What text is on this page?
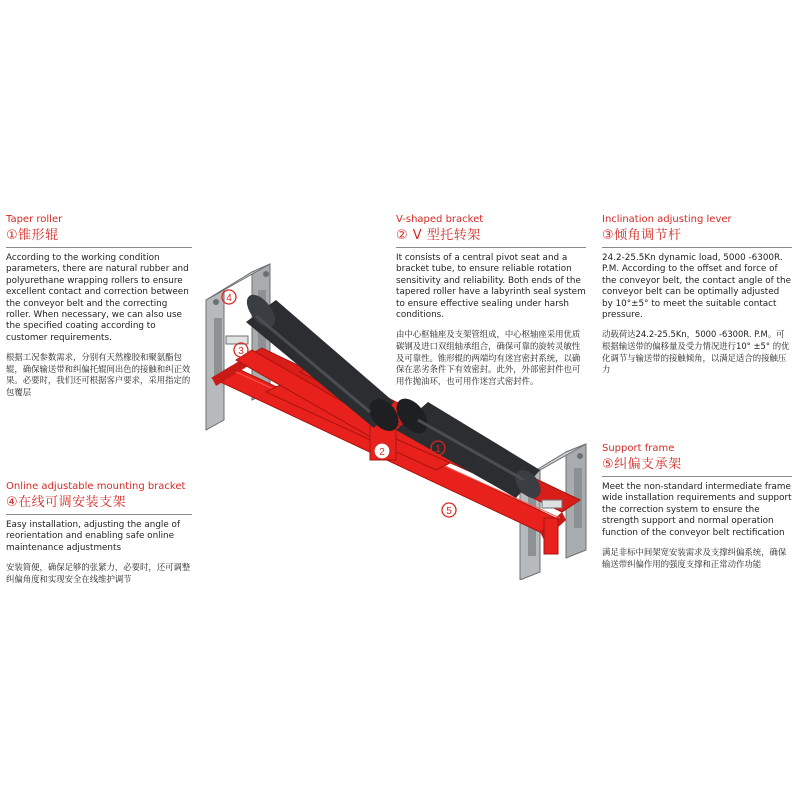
Taper roller

①锥形辊

According to the working condition parameters, there are natural rubber and polyurethane wrapping rollers to ensure excellent contact and correction between the conveyor belt and the correcting roller. When necessary, we can also use the specified coating according to customer requirements.

根据工况参数需求，分别有天然橡胶和聚氨酯包辊，确保输送带和纠偏托辊间出色的接触和纠正效果。必要时，我们还可根据客户要求，采用指定的包覆层

V-shaped bracket

② V 型托转架

It consists of a central pivot seat and a bracket tube, to ensure reliable rotation sensitivity and reliability. Both ends of the tapered roller have a labyrinth seal system to ensure effective sealing under harsh conditions.

由中心枢轴座及支架管组成，中心枢轴座采用优质碳钢及进口双组轴承组合，确保可靠的旋转灵敏性及可靠性。锥形辊的两端均有迷宫密封系统，以确保在恶劣条件下有效密封。此外，外部密封件也可用作抛油环，也可用作迷宫式密封件。

Inclination adjusting lever

③倾角调节杆

24.2-25.5Kn dynamic load, 5000 -6300R. P.M. According to the offset and force of the conveyor belt, the contact angle of the conveyor belt can be optimally adjusted by 10°±5° to meet the suitable contact pressure.

动载荷达24.2-25.5Kn，5000 -6300R. P.M。可根据输送带的偏移量及受力情况进行10° ±5° 的优化调节与输送带的接触倾角，以满足适合的接触压力

Online adjustable mounting bracket

④在线可调安装支架

Easy installation, adjusting the angle of reorientation and enabling safe online maintenance adjustments

安装简便，确保足够的张紧力，必要时，还可调整纠偏角度和实现安全在线维护调节

Support frame

⑤纠偏支承架

Meet the non-standard intermediate frame wide installation requirements and support the correction system to ensure the strength support and normal operation function of the conveyor belt rectification

满足非标中间架宽安装需求及支撑纠偏系统，确保输送带纠偏作用的强度支撑和正常动作功能

4
3
2	1
5
